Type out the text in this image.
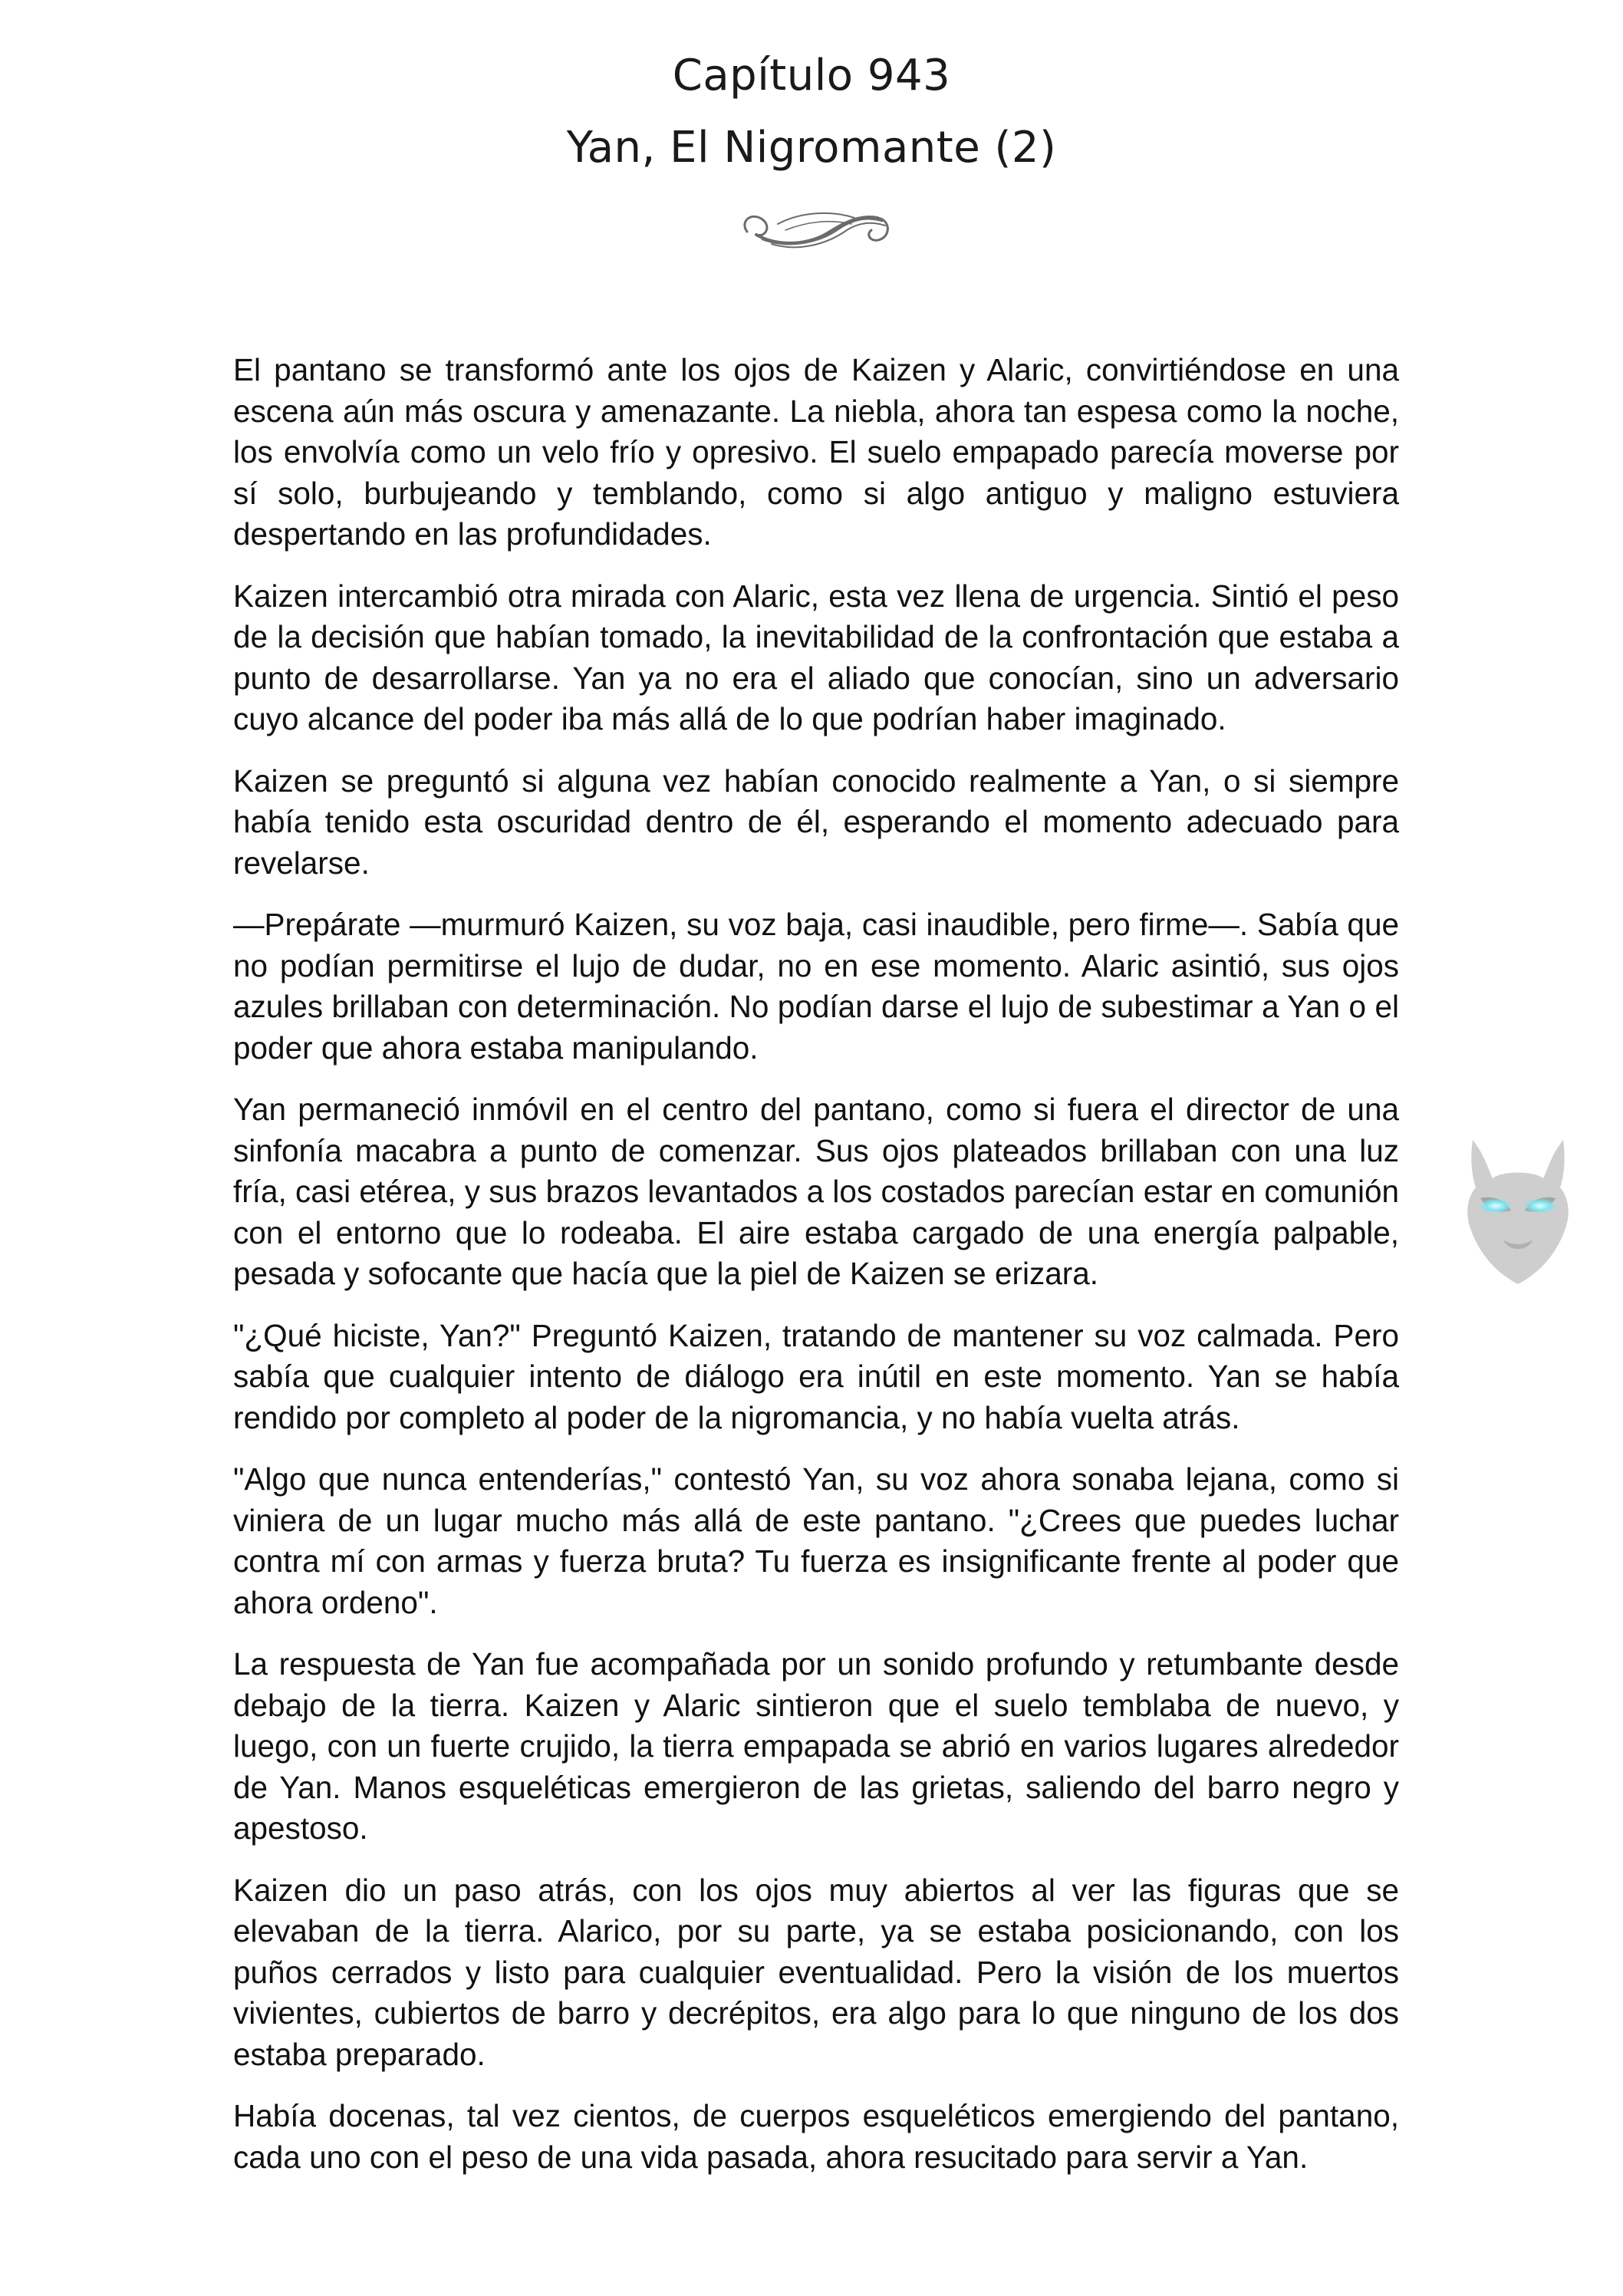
Capítulo 943
Yan, El Nigromante (2)

El pantano se transformó ante los ojos de Kaizen y Alaric, convirtiéndose en una escena aún más oscura y amenazante. La niebla, ahora tan espesa como la noche, los envolvía como un velo frío y opresivo. El suelo empapado parecía moverse por sí solo, burbujeando y temblando, como si algo antiguo y maligno estuviera despertando en las profundidades.

Kaizen intercambió otra mirada con Alaric, esta vez llena de urgencia. Sintió el peso de la decisión que habían tomado, la inevitabilidad de la confrontación que estaba a punto de desarrollarse. Yan ya no era el aliado que conocían, sino un adversario cuyo alcance del poder iba más allá de lo que podrían haber imaginado.

Kaizen se preguntó si alguna vez habían conocido realmente a Yan, o si siempre había tenido esta oscuridad dentro de él, esperando el momento adecuado para revelarse.

—Prepárate —murmuró Kaizen, su voz baja, casi inaudible, pero firme—. Sabía que no podían permitirse el lujo de dudar, no en ese momento. Alaric asintió, sus ojos azules brillaban con determinación. No podían darse el lujo de subestimar a Yan o el poder que ahora estaba manipulando.

Yan permaneció inmóvil en el centro del pantano, como si fuera el director de una sinfonía macabra a punto de comenzar. Sus ojos plateados brillaban con una luz fría, casi etérea, y sus brazos levantados a los costados parecían estar en comunión con el entorno que lo rodeaba. El aire estaba cargado de una energía palpable, pesada y sofocante que hacía que la piel de Kaizen se erizara.

"¿Qué hiciste, Yan?" Preguntó Kaizen, tratando de mantener su voz calmada. Pero sabía que cualquier intento de diálogo era inútil en este momento. Yan se había rendido por completo al poder de la nigromancia, y no había vuelta atrás.

"Algo que nunca entenderías," contestó Yan, su voz ahora sonaba lejana, como si viniera de un lugar mucho más allá de este pantano. "¿Crees que puedes luchar contra mí con armas y fuerza bruta? Tu fuerza es insignificante frente al poder que ahora ordeno".

La respuesta de Yan fue acompañada por un sonido profundo y retumbante desde debajo de la tierra. Kaizen y Alaric sintieron que el suelo temblaba de nuevo, y luego, con un fuerte crujido, la tierra empapada se abrió en varios lugares alrededor de Yan. Manos esqueléticas emergieron de las grietas, saliendo del barro negro y apestoso.

Kaizen dio un paso atrás, con los ojos muy abiertos al ver las figuras que se elevaban de la tierra. Alarico, por su parte, ya se estaba posicionando, con los puños cerrados y listo para cualquier eventualidad. Pero la visión de los muertos vivientes, cubiertos de barro y decrépitos, era algo para lo que ninguno de los dos estaba preparado.

Había docenas, tal vez cientos, de cuerpos esqueléticos emergiendo del pantano, cada uno con el peso de una vida pasada, ahora resucitado para servir a Yan.
